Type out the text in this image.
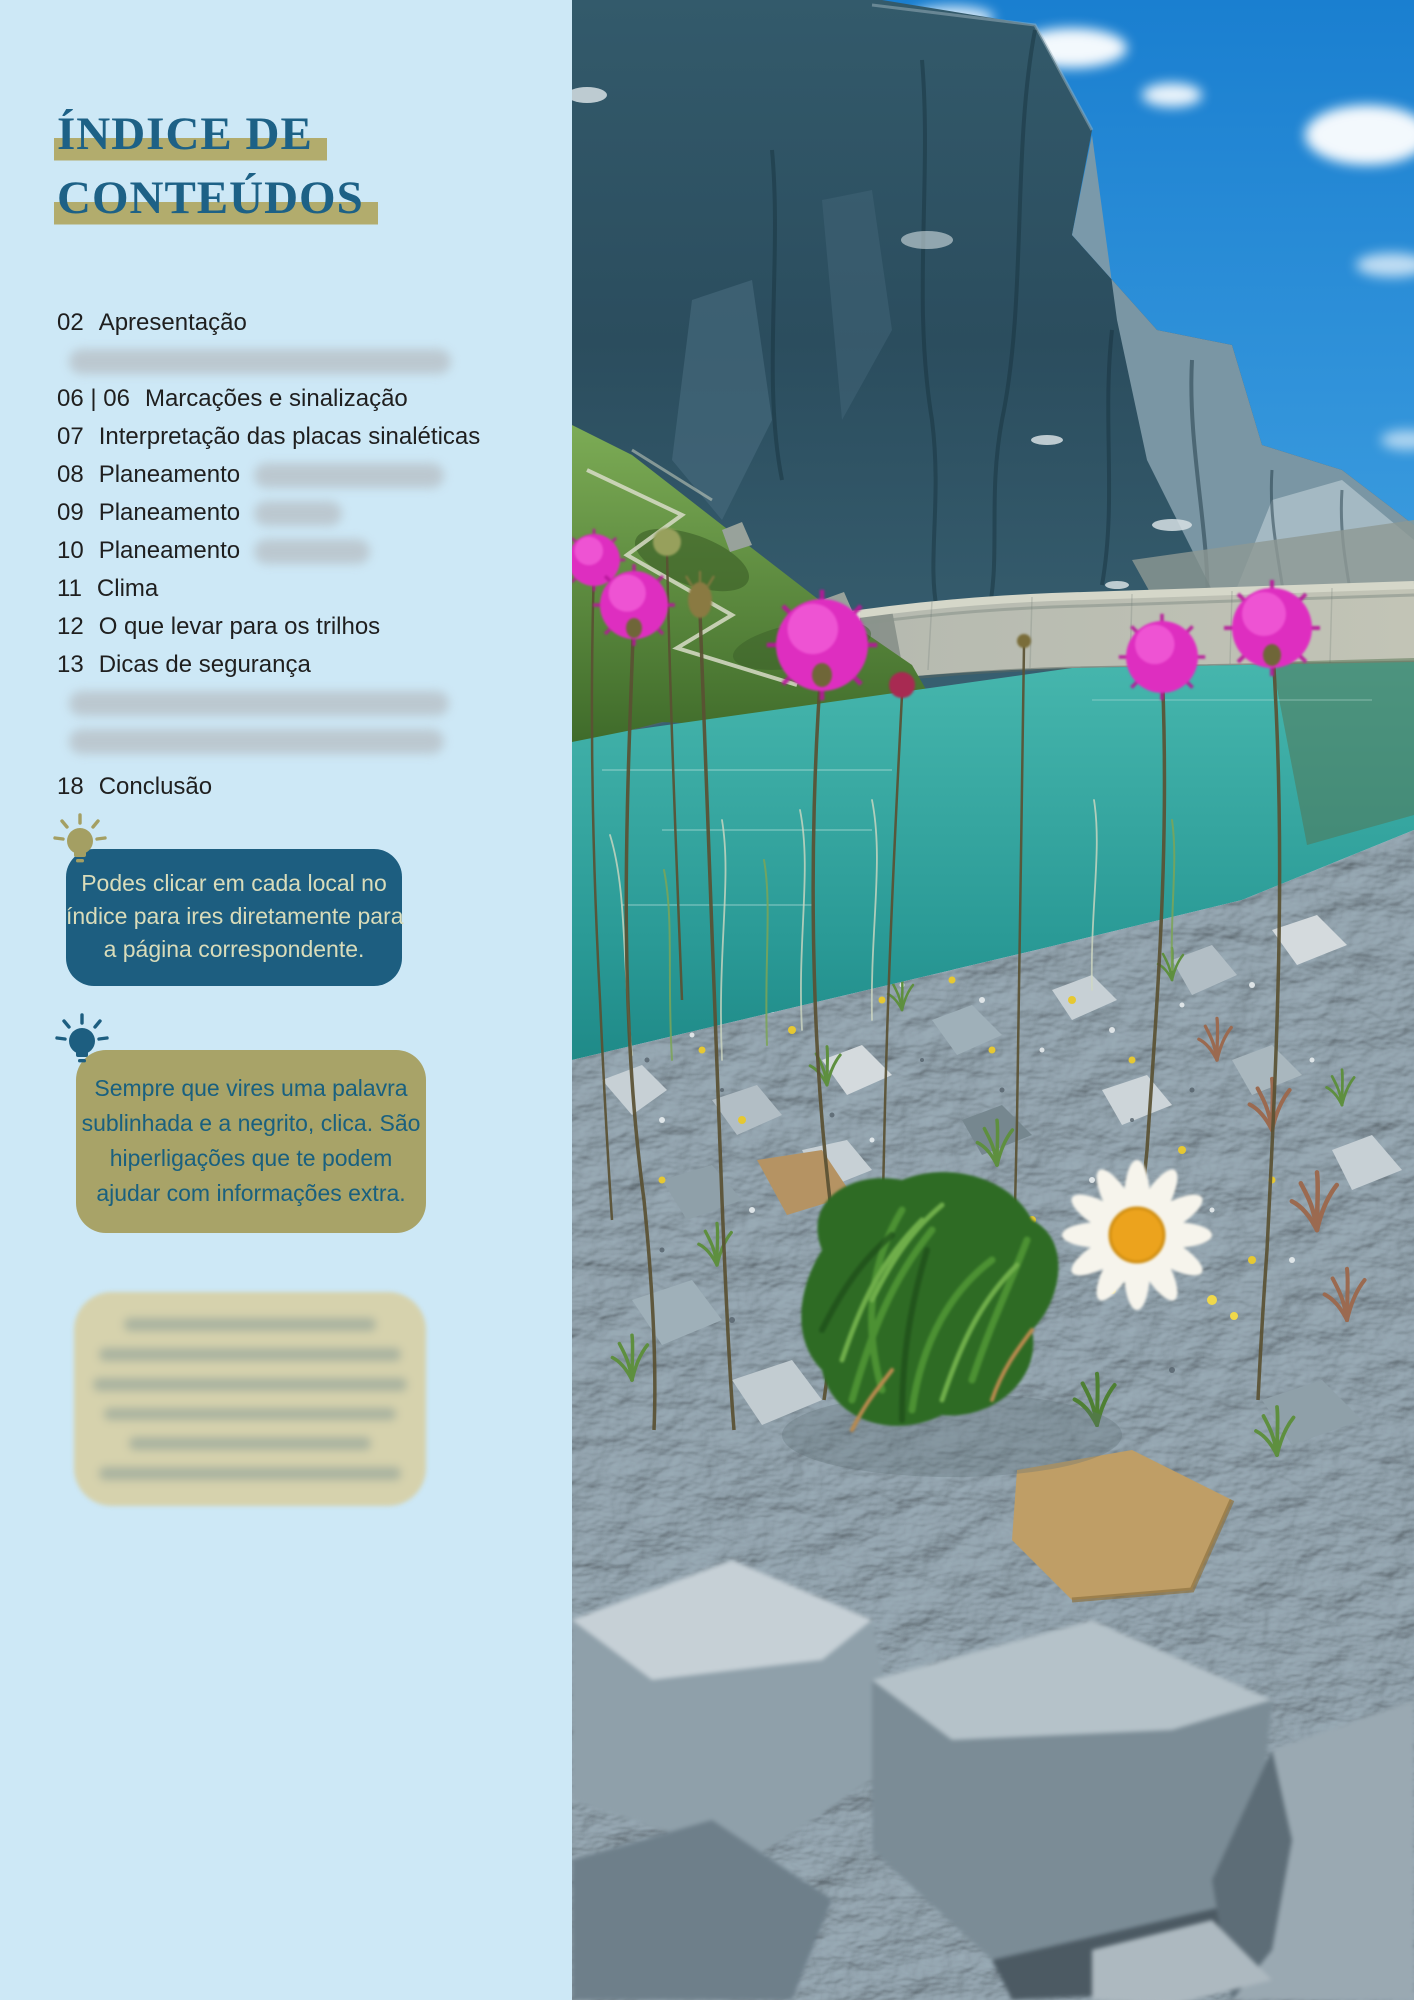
ÍNDICE DE
CONTEÚDOS
02 Apresentação
06 | 06 Marcações e sinalização
07 Interpretação das placas sinaléticas
08 Planeamento
09 Planeamento
10 Planeamento
11 Clima
12 O que levar para os trilhos
13 Dicas de segurança
18 Conclusão
Podes clicar em cada local no
índice para ires diretamente para
a página correspondente.
Sempre que vires uma palavra
sublinhada e a negrito, clica. São
hiperligações que te podem
ajudar com informações extra.
